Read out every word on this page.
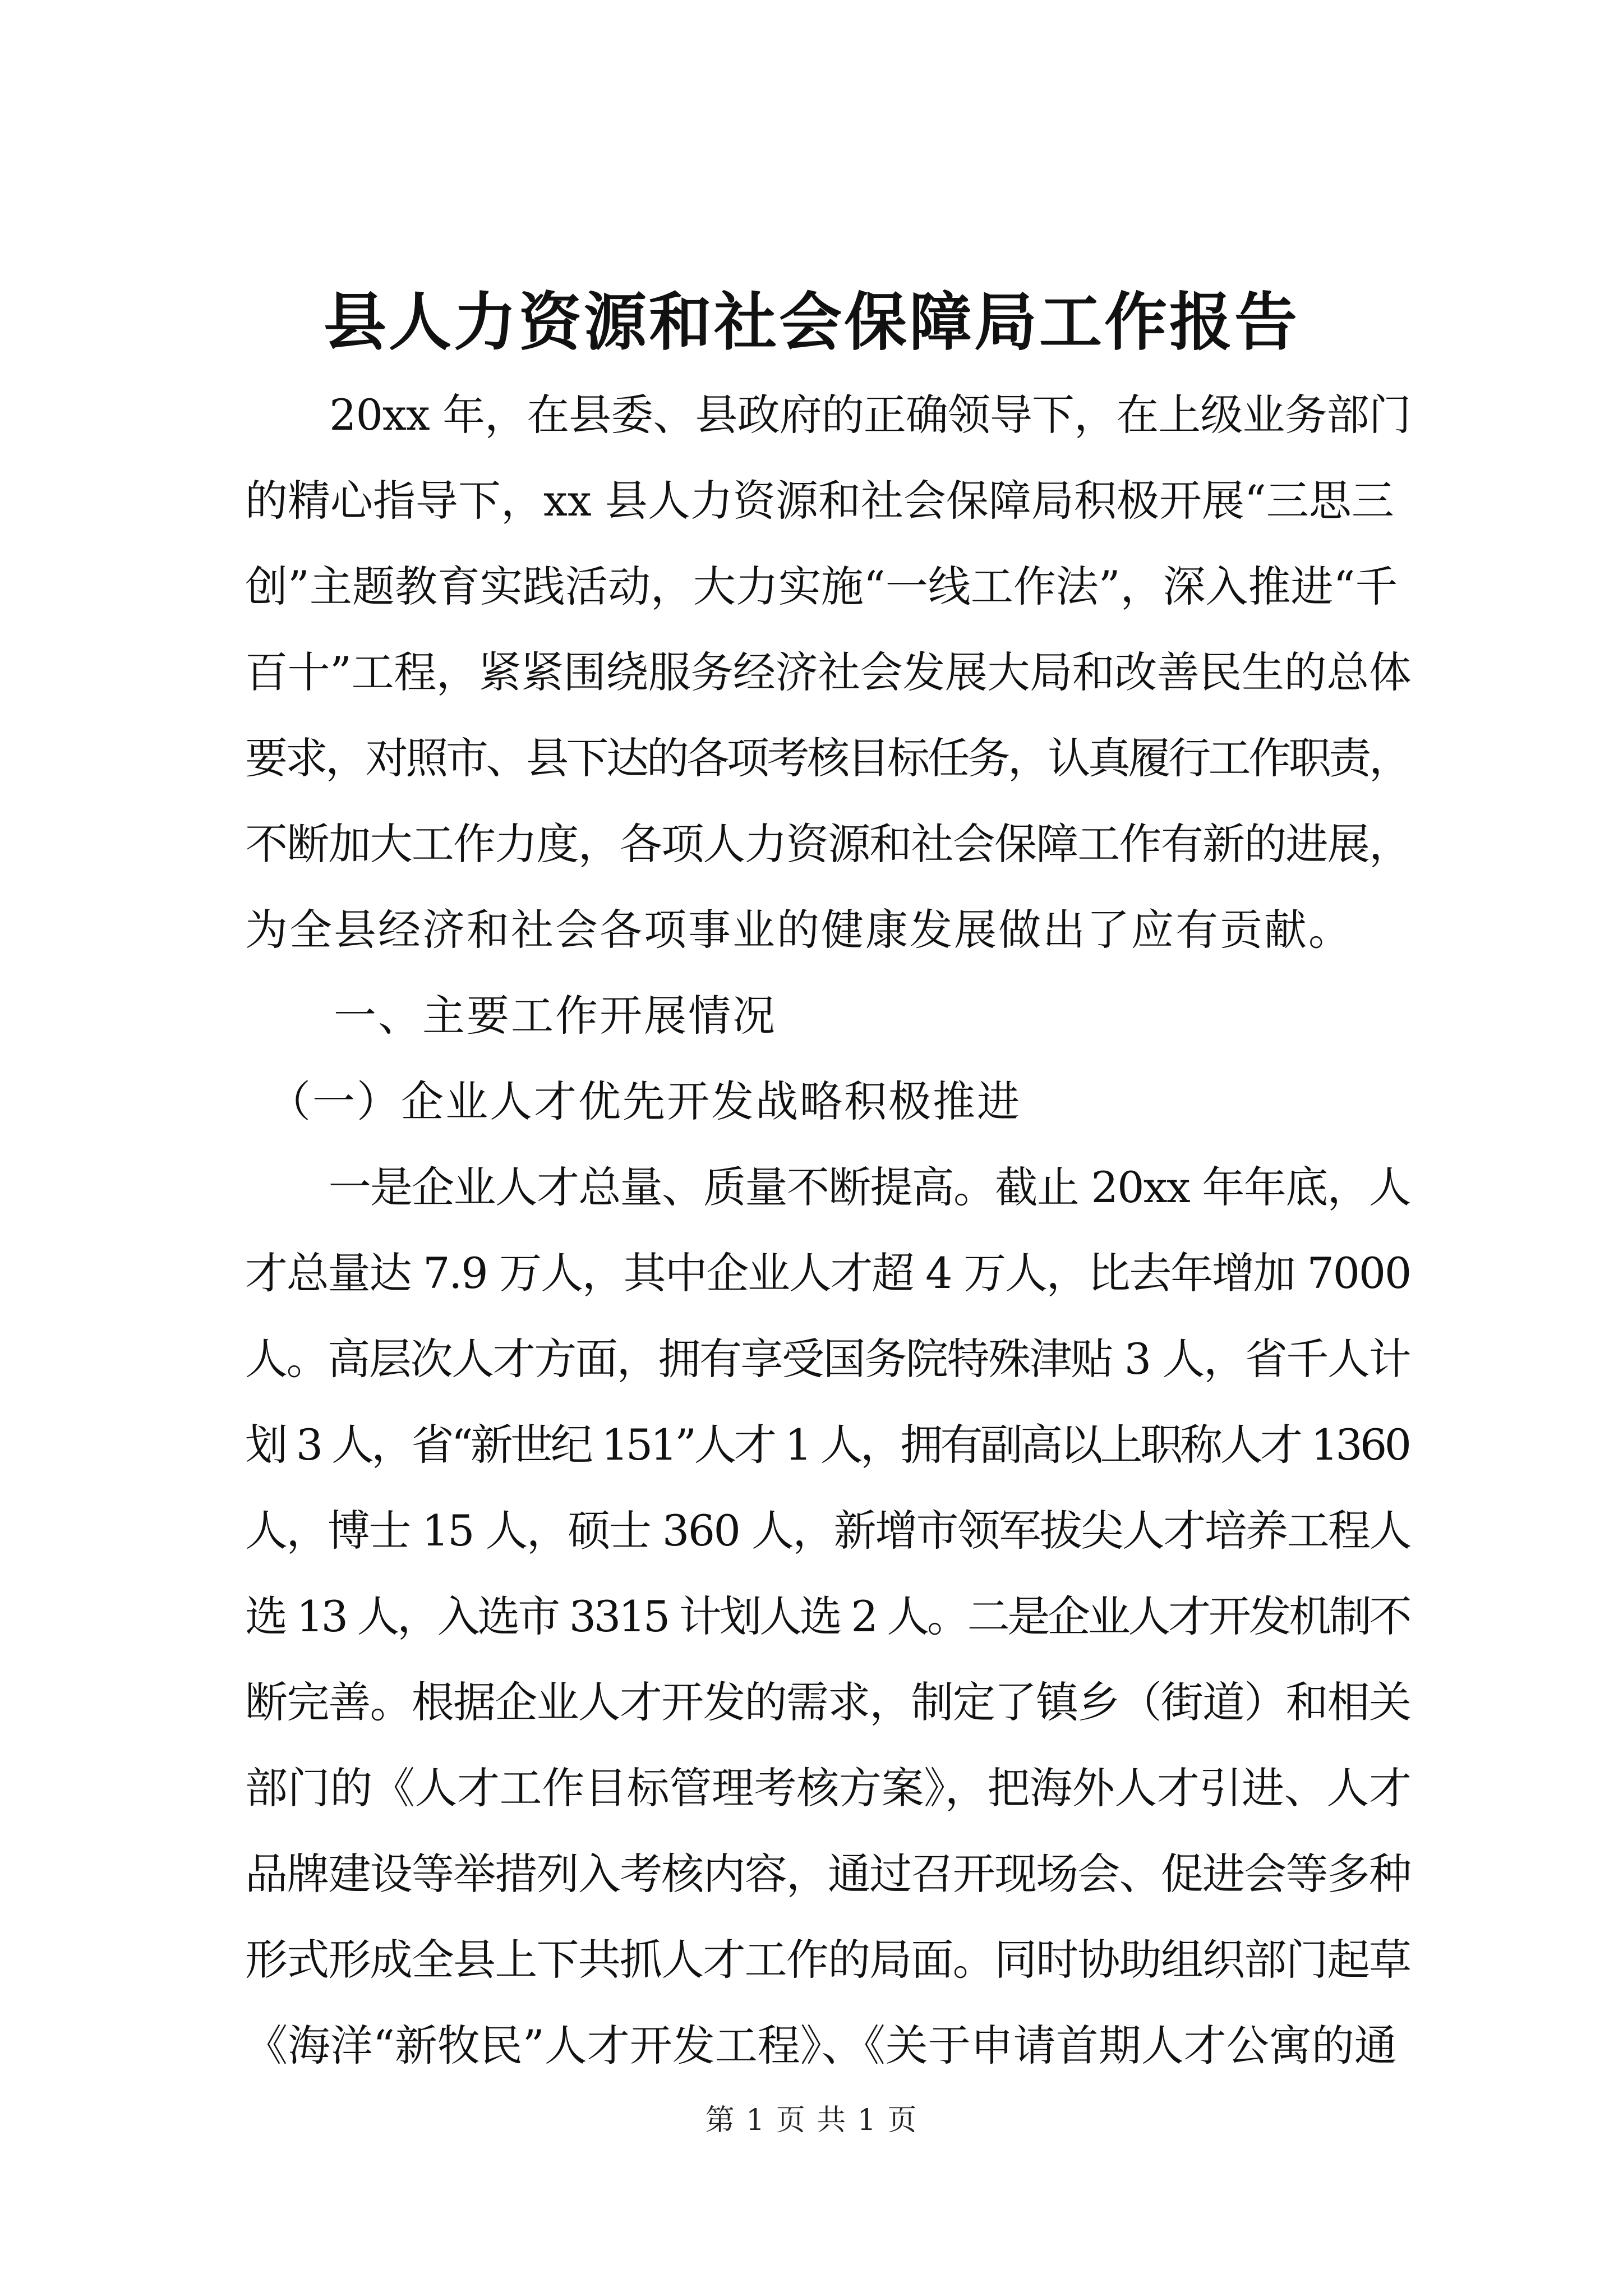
县人力资源和社会保障局工作报告
　　20xx 年，在县委、县政府的正确领导下，在上级业务部门
的精心指导下，xx 县人力资源和社会保障局积极开展“三思三
创”主题教育实践活动，大力实施“一线工作法”，深入推进“千
百十”工程，紧紧围绕服务经济社会发展大局和改善民生的总体
要求，对照市、县下达的各项考核目标任务，认真履行工作职责，
不断加大工作力度，各项人力资源和社会保障工作有新的进展，
为全县经济和社会各项事业的健康发展做出了应有贡献。
　　一、主要工作开展情况
　（一）企业人才优先开发战略积极推进
　　一是企业人才总量、质量不断提高。截止 20xx 年年底，人
才总量达 7.9 万人，其中企业人才超 4 万人，比去年增加 7000
人。高层次人才方面，拥有享受国务院特殊津贴 3 人，省千人计
划 3 人，省“新世纪 151”人才 1 人，拥有副高以上职称人才 1360
人，博士 15 人，硕士 360 人，新增市领军拔尖人才培养工程人
选 13 人，入选市 3315 计划人选 2 人。二是企业人才开发机制不
断完善。根据企业人才开发的需求，制定了镇乡（街道）和相关
部门的《人才工作目标管理考核方案》，把海外人才引进、人才
品牌建设等举措列入考核内容，通过召开现场会、促进会等多种
形式形成全县上下共抓人才工作的局面。同时协助组织部门起草
《海洋“新牧民”人才开发工程》、《关于申请首期人才公寓的通
第 1 页 共 1 页
